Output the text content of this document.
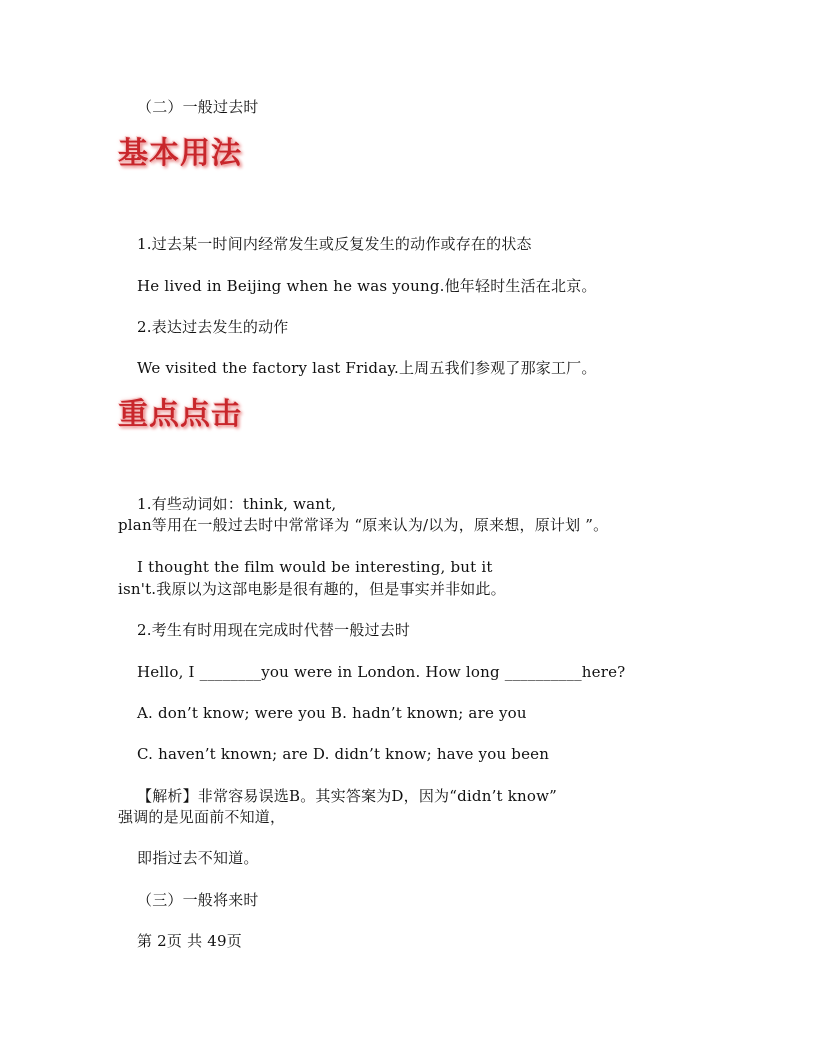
（二）一般过去时
基本用法
1.过去某一时间内经常发生或反复发生的动作或存在的状态
He lived in Beijing when he was young.他年轻时生活在北京。
2.表达过去发生的动作
We visited the factory last Friday.上周五我们参观了那家工厂。
重点点击
1.有些动词如：think, want,
plan等用在一般过去时中常常译为 “原来认为/以为，原来想，原计划 ”。
I thought the film would be interesting, but it
isn't.我原以为这部电影是很有趣的，但是事实并非如此。
2.考生有时用现在完成时代替一般过去时
Hello, I ________you were in London. How long __________here?
A. don’t know; were you B. hadn’t known; are you
C. haven’t known; are D. didn’t know; have you been
【解析】非常容易误选B。其实答案为D，因为“didn’t know”
强调的是见面前不知道，
即指过去不知道。
（三）一般将来时
第 2页 共 49页
